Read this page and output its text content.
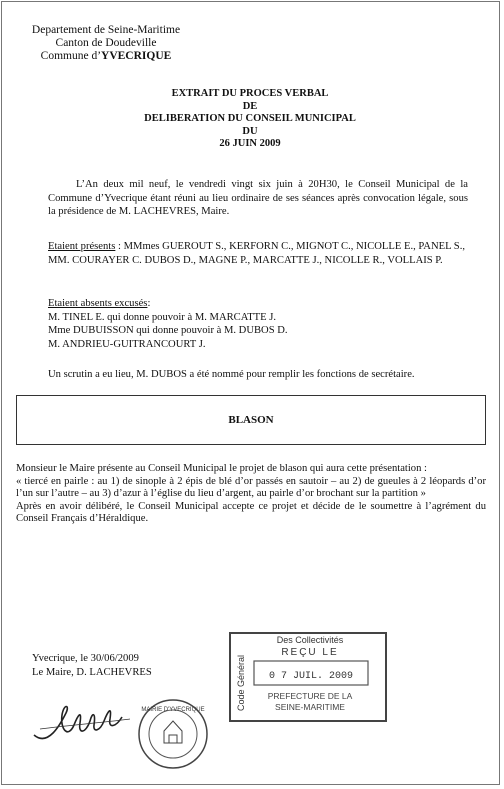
Departement de Seine-Maritime
Canton de Doudeville
Commune d’YVECRIQUE
EXTRAIT DU PROCES VERBAL
DE
DELIBERATION DU CONSEIL MUNICIPAL
DU
26 JUIN 2009

L’An deux mil neuf, le vendredi vingt six juin à 20H30, le Conseil Municipal de la Commune d’Yvecrique étant réuni au lieu ordinaire de ses séances après convocation légale, sous la présidence de M. LACHEVRES, Maire.

Etaient présents : MMmes GUEROUT S., KERFORN C., MIGNOT C., NICOLLE E., PANEL S., MM. COURAYER C. DUBOS D., MAGNE P., MARCATTE J., NICOLLE R., VOLLAIS P.

Etaient absents excusés:
M. TINEL E. qui donne pouvoir à M. MARCATTE J.
Mme DUBUISSON qui donne pouvoir à M. DUBOS D.
M. ANDRIEU-GUITRANCOURT J.

Un scrutin a eu lieu, M. DUBOS a été nommé pour remplir les fonctions de secrétaire.

BLASON
Monsieur le Maire présente au Conseil Municipal le projet de blason qui aura cette présentation :
« tiercé en pairle : au 1) de sinople à 2 épis de blé d’or passés en sautoir – au 2) de gueules à 2 léopards d’or l’un sur l’autre – au 3) d’azur à l’église du lieu d’argent, au pairle d’or brochant sur la partition »
Après en avoir délibéré, le Conseil Municipal accepte ce projet et décide de le soumettre à l’agrément du Conseil Français d’Héraldique.
Yvecrique, le 30/06/2009
Le Maire, D. LACHEVRES
Des Collectivités
REÇU LE
0 7 JUIL. 2009
PREFECTURE DE LA
SEINE-MARITIME
Code Général
MAIRIE D'YVECRIQUE
